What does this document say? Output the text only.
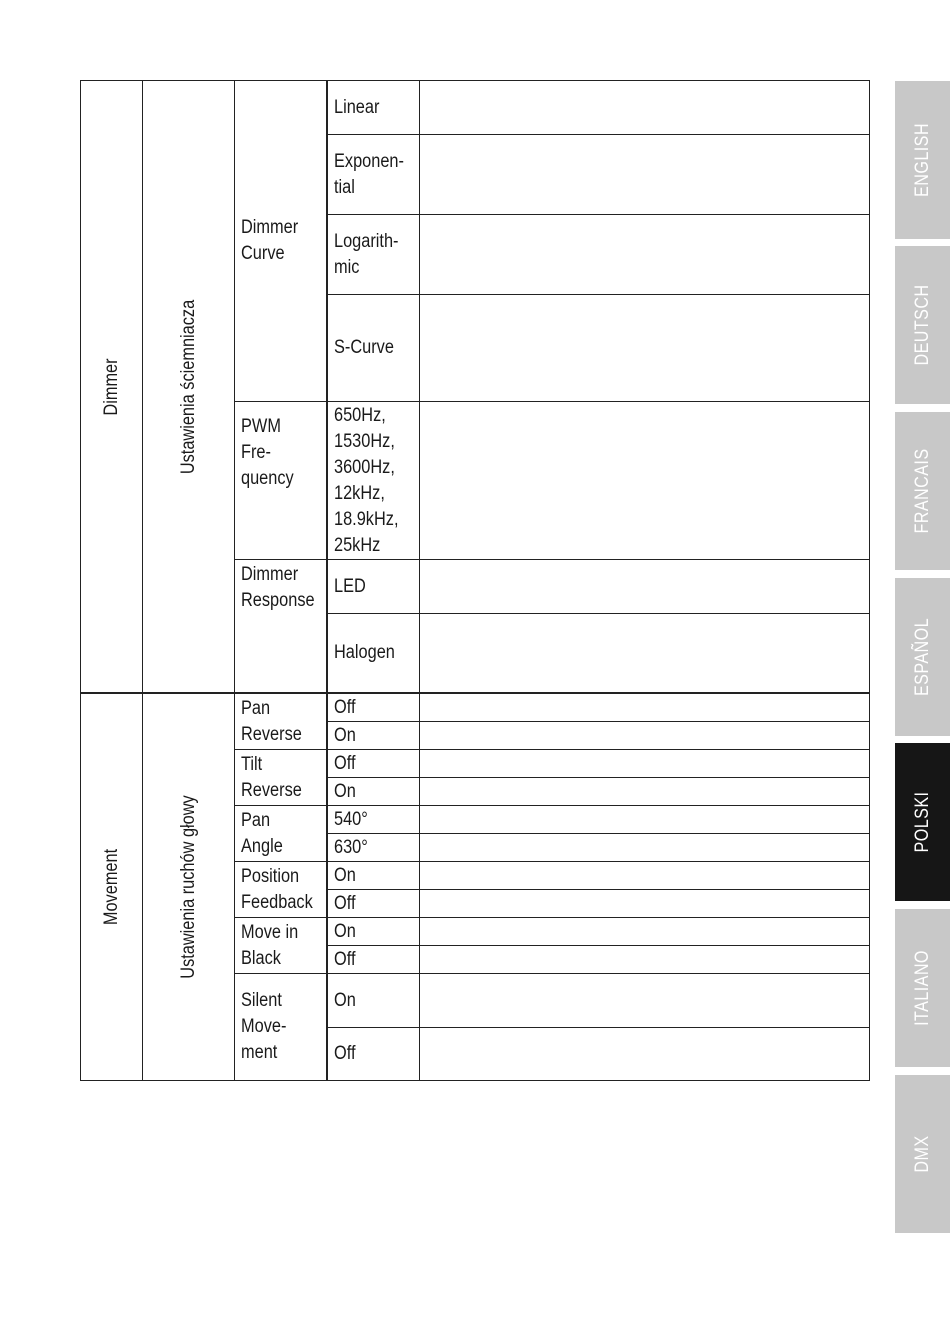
Dimmer
Movement
Ustawienia ściemniacza
Ustawienia ruchów głowy
Dimmer
Curve
PWM Fre-
quency
Dimmer
Response
Pan
Reverse
Tilt
Reverse
Pan Angle
Position
Feedback
Move in
Black
Silent
Move-
ment
Linear
Exponen-
tial
Logarith-
mic
S-Curve
650Hz,
1530Hz,
3600Hz,
12kHz,
18.9kHz,
25kHz
LED
Halogen
Off
On
Off
On
540°
630°
On
Off
On
Off
On
Off
ENGLISH
DEUTSCH
FRANCAIS
ESPAÑOL
POLSKI
ITALIANO
DMX
